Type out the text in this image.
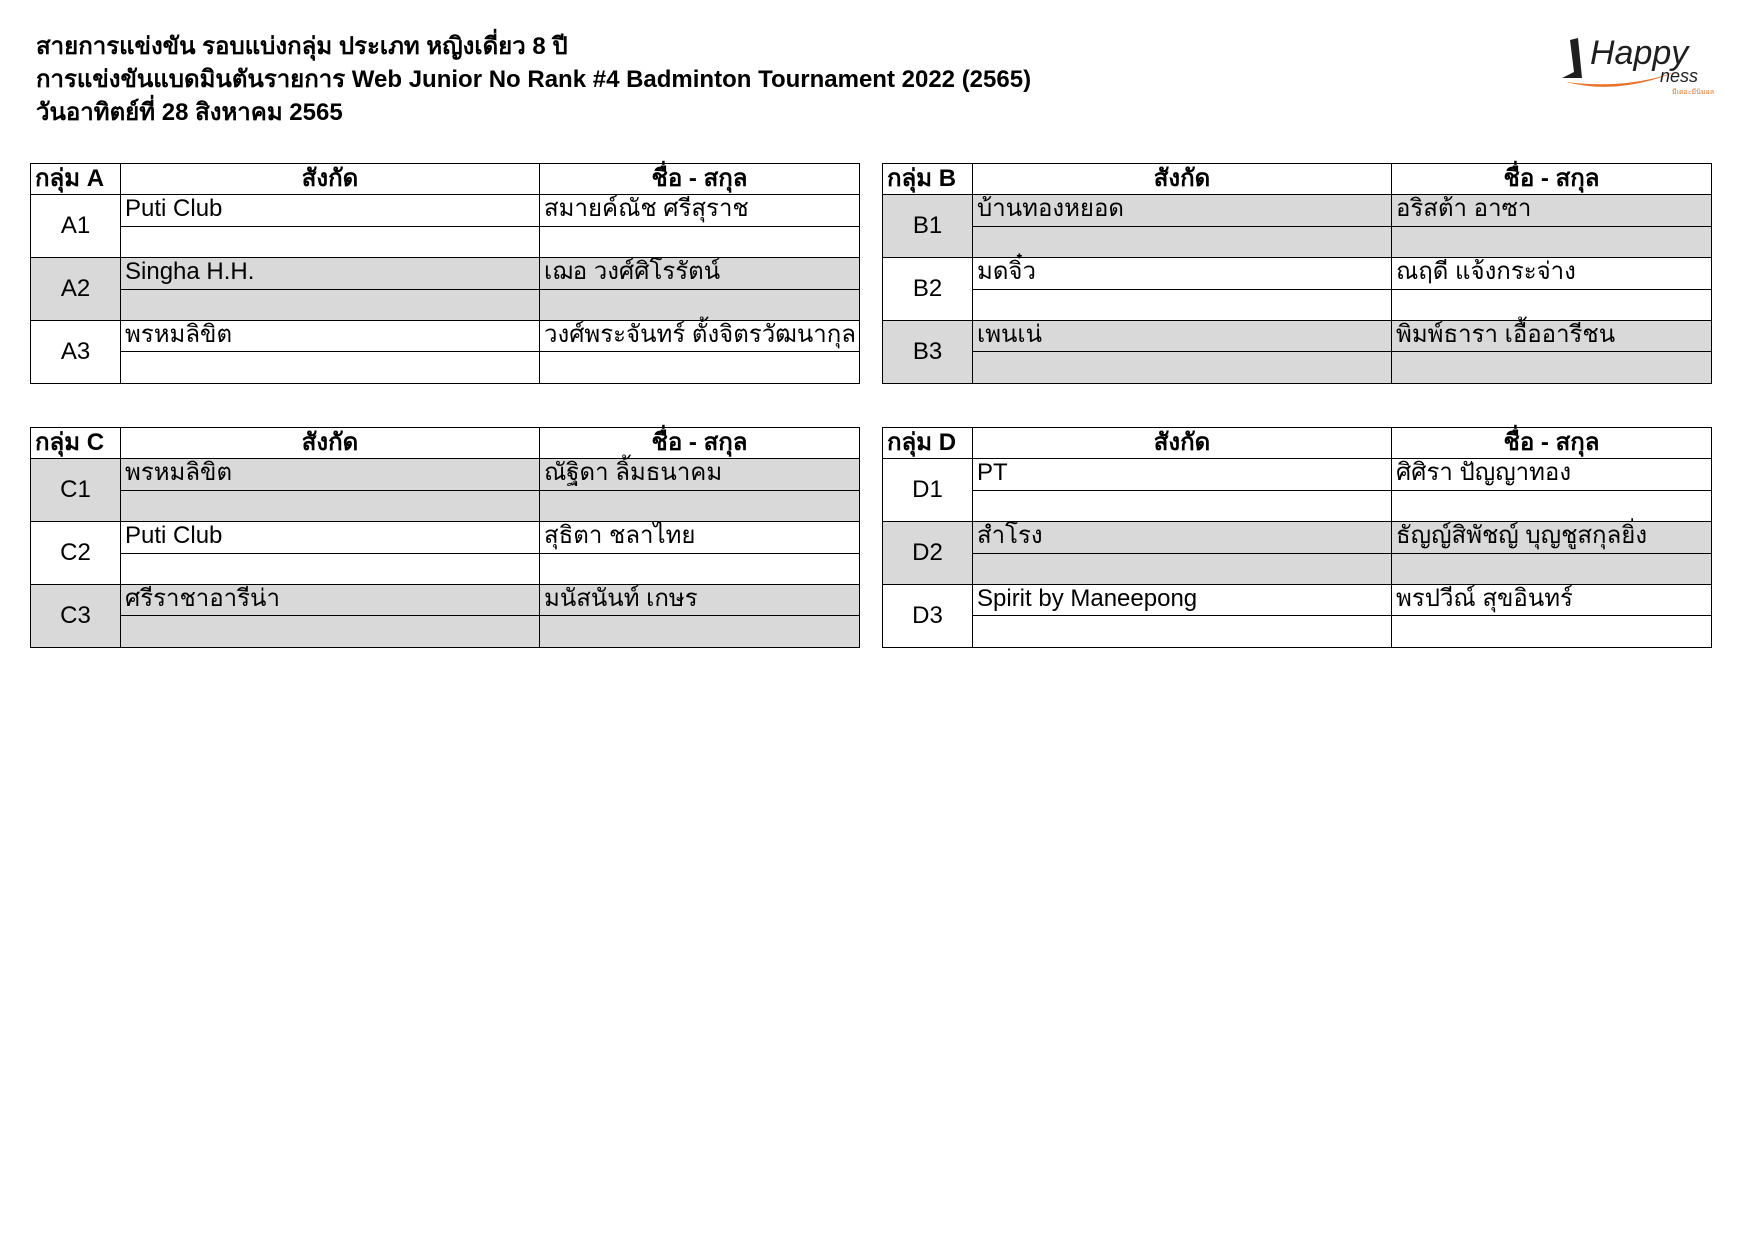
สายการแข่งขัน รอบแบ่งกลุ่ม ประเภท หญิงเดี่ยว 8 ปี
การแข่งขันแบดมินตันรายการ Web Junior No Rank #4 Badminton Tournament 2022 (2565)
วันอาทิตย์ที่ 28 สิงหาคม 2565
Happy
ness
มีเดอะมีนิมอล
กลุ่ม A	สังกัด	ชื่อ - สกุล
A1	Puti Club	สมายค์ณัช ศรีสุราช

A2	Singha H.H.	เฌอ วงศ์ศิโรรัตน์

A3	พรหมลิขิต	วงศ์พระจันทร์ ตั้งจิตรวัฒนากุล

กลุ่ม B	สังกัด	ชื่อ - สกุล
B1	บ้านทองหยอด	อริสต้า อาซา

B2	มดจิ๋ว	ณฤดี แจ้งกระจ่าง

B3	เพนเน่	พิมพ์ธารา เอื้ออารีชน

กลุ่ม C	สังกัด	ชื่อ - สกุล
C1	พรหมลิขิต	ณัฐิดา ลิ้มธนาคม

C2	Puti Club	สุธิตา ชลาไทย

C3	ศรีราชาอารีน่า	มนัสนันท์ เกษร

กลุ่ม D	สังกัด	ชื่อ - สกุล
D1	PT	ศิศิรา ปัญญาทอง

D2	สำโรง	ธัญญ์สิพัชญ์ บุญชูสกุลยิ่ง

D3	Spirit by Maneepong	พรปวีณ์ สุขอินทร์
